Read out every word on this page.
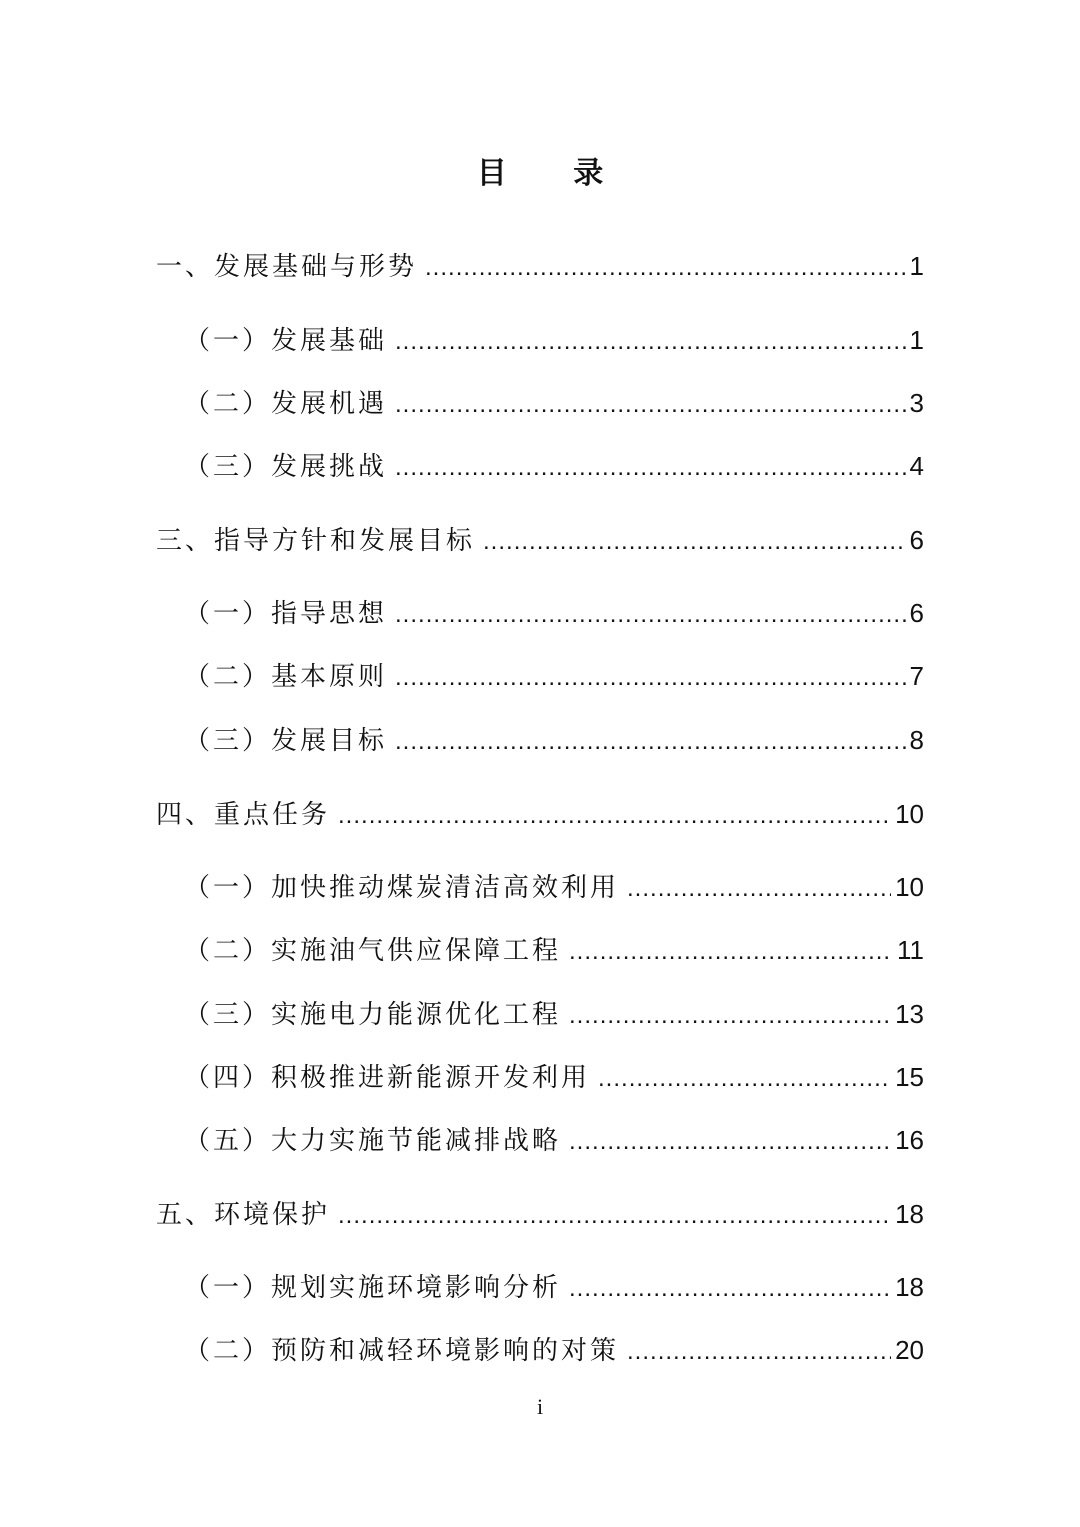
目 录
一、发展基础与形势 .....	1
（一）发展基础 .....	1
（二）发展机遇 .....	3
（三）发展挑战 .....	4
三、指导方针和发展目标 .....	6
（一）指导思想 .....	6
（二）基本原则 .....	7
（三）发展目标 .....	8
四、重点任务 .....	10
（一）加快推动煤炭清洁高效利用 .....	10
（二）实施油气供应保障工程 .....	11
（三）实施电力能源优化工程 .....	13
（四）积极推进新能源开发利用 .....	15
（五）大力实施节能减排战略 .....	16
五、环境保护 .....	18
（一）规划实施环境影响分析 .....	18
（二）预防和减轻环境影响的对策 .....	20
i
